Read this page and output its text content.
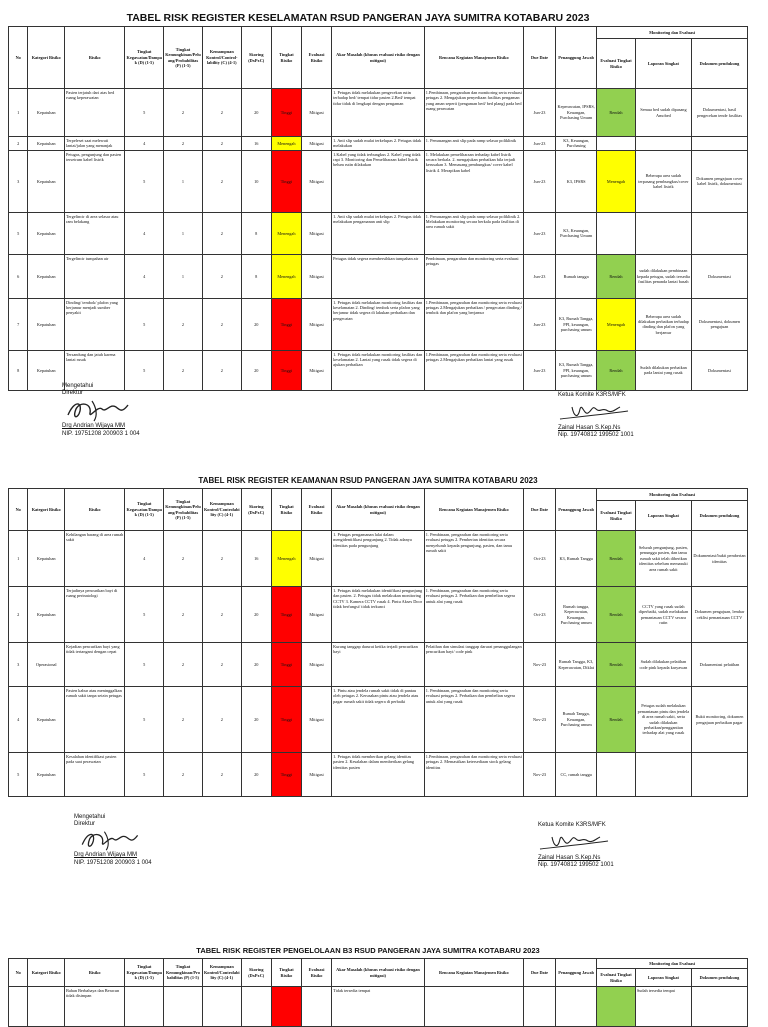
TABEL RISK REGISTER KESELAMATAN RSUD PANGERAN JAYA SUMITRA KOTABARU 2023
No	Kategori Risiko	Risiko	Tingkat Kegawatan/Dampak (D) (1-5)	Tingkat Kemungkinan/Peluang/Probabilitas (P) (1-5)	Kemampuan Kontrol/Control-lability (C) (4-1)	Skoring (DxPxC)	Tingkat Risiko	Evaluasi Risiko	Akar Masalah (khusus evaluasi risiko dengan mitigasi)	Rencana Kegiatan Manajemen Risiko	Due Date	Penanggung Jawab	Monitoring dan Evaluasi		
													Evaluasi Tingkat Risiko	Laporan Singkat	Dokumen pendukung
1	Kepatuhan	Pasien terjatuh dari atas bed ruang keperawatan	5	2	2	20	Tinggi	Mitigasi	1. Petugas tidak melakukan pengecekan rutin terhadap bed/ tempat tidur pasien 2.Bed/ tempat tidur tidak di lengkapi dengan pengaman	1.Pembinaan, pengarahan dan monitoring serta evaluasi petugas 2. Mengajukan penyediaan fasilitas pengaman yang aman seperti (pengaman bed/ bed plang) pada bed ruang perawatan	Jun-23	Keperawatan, IPSRS, Keuangan, Purchasing Umum	Rendah	Semua bed sudah dipasang Amobed	Dokumentasi, hasil pengecekan tende fasilitas
2	Kepatuhan	Terpeleset saat melewati lantai/jalan yang menanjak	4	2	2	16	Menengah	Mitigasi	1. Anti slip sudah mulai terkelupas 2. Petugas tidak melakukan	1. Pemasangan anti slip pada ramp selasar poliklinik	Jun-23	K3, Keuangan, Purchasing			
3	Kepatuhan	Petugas, pengunjung dan pasien tersetrum kabel listrik	5	1	2	10	Tinggi	Mitigasi	1.Kabel yang tidak terbungkus 2. Kabel yang tidak rapi 3. Monitoring dan Pemeliharaan kabel listrik belum rutin dilakukan	1. Melakukan pemeliharaan terhadap kabel listrik secara berkala. 2. mengajukan perbaikan bila terjadi kerusakan 3. Memasang pembungkus/ cover kabel listrik 4. Merapikan kabel	Jun-23	K3, IPSRS	Menengah	Beberapa area sudah terpasang pembungkus/cover kabel listrik	Dokumen pengajuan cover kabel listrik, dokumentasi
5	Kepatuhan	Tergelincir di area selasar atau ram belakang	4	1	2	8	Menengah	Mitigasi	1. Anti slip sudah mulai terkelupas 2. Petugas tidak melakukan pengamanan anti slip	1. Pemasangan anti slip pada ramp selasar poliklinik 2. Melakukan monitoring secara berkala pada fasilitas di area rumah sakit	Jun-23	K3, Keuangan, Purchasing Umum			
6	Kepatuhan	Tergelincir tumpahan air	4	1	2	8	Menengah	Mitigasi	Petugas tidak segera membersihkan tumpahan air	Pembinaan, pengarahan dan monitoring serta evaluasi petugas	Jun-23	Rumah tangga	Rendah	sudah dilakukan pembinaan kepada petugas, sudah tersedia fasilitas penanda lantai basah	Dokumentasi
7	Kepatuhan	Dinding/ tembok/ plafon yang berjamur menjadi sumber penyakit	5	2	2	20	Tinggi	Mitigasi	1. Petugas tidak melakukan monitoring fasilitas dan keselamatan 2. Dinding/ tembok serta plafon yang berjamur tidak segera di lakukan perbaikan dan pengecatan	1.Pembinaan, pengarahan dan monitoring serta evaluasi petugas 2.Mengajukan perbaikan / pengecatan dinding / tembok dan plafon yang berjamur	Jun-23	K3, Rumah Tangga, PPI, keuangan, purchasing umum	Menengah	Beberapa area sudah dilakukan perbaikan terhadap dinding dan plafon yang berjamur	Dokumentasi, dokumen pengajuan
8	Kepatuhan	Tersandung dan jatuh karena lantai rusak	5	2	2	20	Tinggi	Mitigasi	1. Petugas tidak melakukan monitoring fasilitas dan keselamatan 2. Lantai yang rusak tidak segera di ajukan perbaikan	1.Pembinaan, pengarahan dan monitoring serta evaluasi petugas 2.Mengajukan perbaikan lantai yang rusak	Jun-23	K3, Rumah Tangga, PPI, keuangan, purchasing umum	Rendah	Sudah dilakukan perbaikan pada lantai yang rusak	Dokumentasi
Mengetahui
Direktur
Drg Andrian Wijaya MM
NIP. 19751208 200903 1 004
Ketua Komite K3RS/MFK
Zainal Hasan S.Kep.Ns
Nip. 19740812 199502 1001
TABEL RISK REGISTER KEAMANAN RSUD PANGERAN JAYA SUMITRA KOTABARU 2023
No	Kategori Risiko	Risiko	Tingkat Kegawatan/Dampak (D) (1-5)	Tingkat Kemungkinan/Peluang/Probabilitas (P) (1-5)	Kemampuan Kontrol/Controlability (C) (4-1)	Skoring (DxPxC)	Tingkat Risiko	Evaluasi Risiko	Akar Masalah (khusus evaluasi risiko dengan mitigasi)	Rencana Kegiatan Manajemen Risiko	Due Date	Penanggung Jawab	Monitoring dan Evaluasi		
													Evaluasi Tingkat Risiko	Laporan Singkat	Dokumen pendukung
1	Kepatuhan	Kehilangan barang di area rumah sakit	4	2	2	16	Menengah	Mitigasi	1. Petugas pengamanan lalai dalam mengidentifikasi pengunjung 2. Tidak adanya identitas pada pengunjung	1. Pembinaan, pengarahan dan monitoring serta evaluasi petugas 2. Pemberian identitas secara menyeluruh kepada pengunjung, pasien, dan tamu rumah sakit	Oct-23	K3, Rumah Tangga	Rendah	Seluruh pengunjung, pasien, penunggu pasien, dan tamu rumah sakit telah diberikan identitas sebelum memasuki area rumah sakit	Dokumentasi/bukti pemberian identitas
2	Kepatuhan	Terjadinya pencurikan bayi di ruang perinatologi	5	2	2	20	Tinggi	Mitigasi	1. Petugas tidak melakukan identifikasi pengunjung dan pasien. 2. Petugas tidak melakukan monitoring CCTV 3. Kamera CCTV rusak 4. Pintu Akses Door tidak berfungsi/ tidak terkunci	1. Pembinaan, pengarahan dan monitoring serta evaluasi petugas 2. Perbaikan dan pembelian segera untuk alat yang rusak	Oct-23	Rumah tangga, Keperawatan, Keuangan, Purchasing umum	Rendah	CCTV yang rusak sudah diperbaiki, sudah melakukan pemantauan CCTV secara rutin	Dokumen pengajuan, lembar ceklist pemantauan CCTV
3	Operasional	Kejadian pencurikan bayi yang tidak tertangani dengan cepat	5	2	2	20	Tinggi	Mitigasi	Kurang tanggap darurat ketika terjadi pencurikan bayi	Pelatihan dan simulasi tanggap darurat penanggulangan pencurikan bayi/ code pink	Nov-23	Rumah Tangga, K3, Keperawatan, Diklat	Rendah	Sudah dilakukan pelatihan code pink kepada karyawan	Dokumentasi pelatihan
4	Kepatuhan	Pasien kabur atau meninggalkan rumah sakit tanpa seizin petugas	5	2	2	20	Tinggi	Mitigasi	1. Pintu atau jendela rumah sakit tidak di pantau oleh petugas 2. Kerusakan pintu atau jendela atau pagar rumah sakit tidak segera di perbaiki	1. Pembinaan, pengarahan dan monitoring serta evaluasi petugas 2. Perbaikan dan pembelian segera untuk alat yang rusak	Nov-23	Rumah Tangga, Keuangan, Purchasing umum	Rendah	Petugas sudah melakukan pemantauan pintu dan jendela di area rumah sakit, serta sudah dilakukan perbaikan/penggantian terhadap alat yang rusak	Bukti monitoring, dokumen pengajuan perbaikan pagar
5	Kepatuhan	Kesalahan identifikasi pasien pada saat perawatan	5	2	2	20	Tinggi	Mitigasi	1. Petugas tidak memberikan gelang identitas pasien 2. Kesalahan dalam memberikan gelang identitas pasien	1.Pembinaan, pengarahan dan monitoring serta evaluasi petugas 2. Memastikan ketersediaan stock gelang identitas	Nov-23	CC, rumah tangga			
Mengetahui
Direktur
Drg Andrian Wijaya MM
NIP. 19751208 200903 1 004
Ketua Komite K3RS/MFK
Zainal Hasan S.Kep.Ns
Nip. 19740812 199502 1001
TABEL RISK REGISTER PENGELOLAAN B3 RSUD PANGERAN JAYA SUMITRA KOTABARU 2023
No	Kategori Risiko	Risiko	Tingkat Kegawatan/Dampak (D) (1-5)	Tingkat Kemungkinan/Probabilitas (P) (1-5)	Kemampuan Kontrol/Controlability (C) (4-1)	Skoring (DxPxC)	Tingkat Risiko	Evaluasi Risiko	Akar Masalah (khusus evaluasi risiko dengan mitigasi)	Rencana Kegiatan Manajemen Risiko	Due Date	Penanggung Jawab	Monitoring dan Evaluasi		
													Evaluasi Tingkat Risiko	Laporan Singkat	Dokumen pendukung
		Bahan Berbahaya dan Beracun tidak disimpan							Tidak tersedia tempat					Sudah tersedia tempat	
